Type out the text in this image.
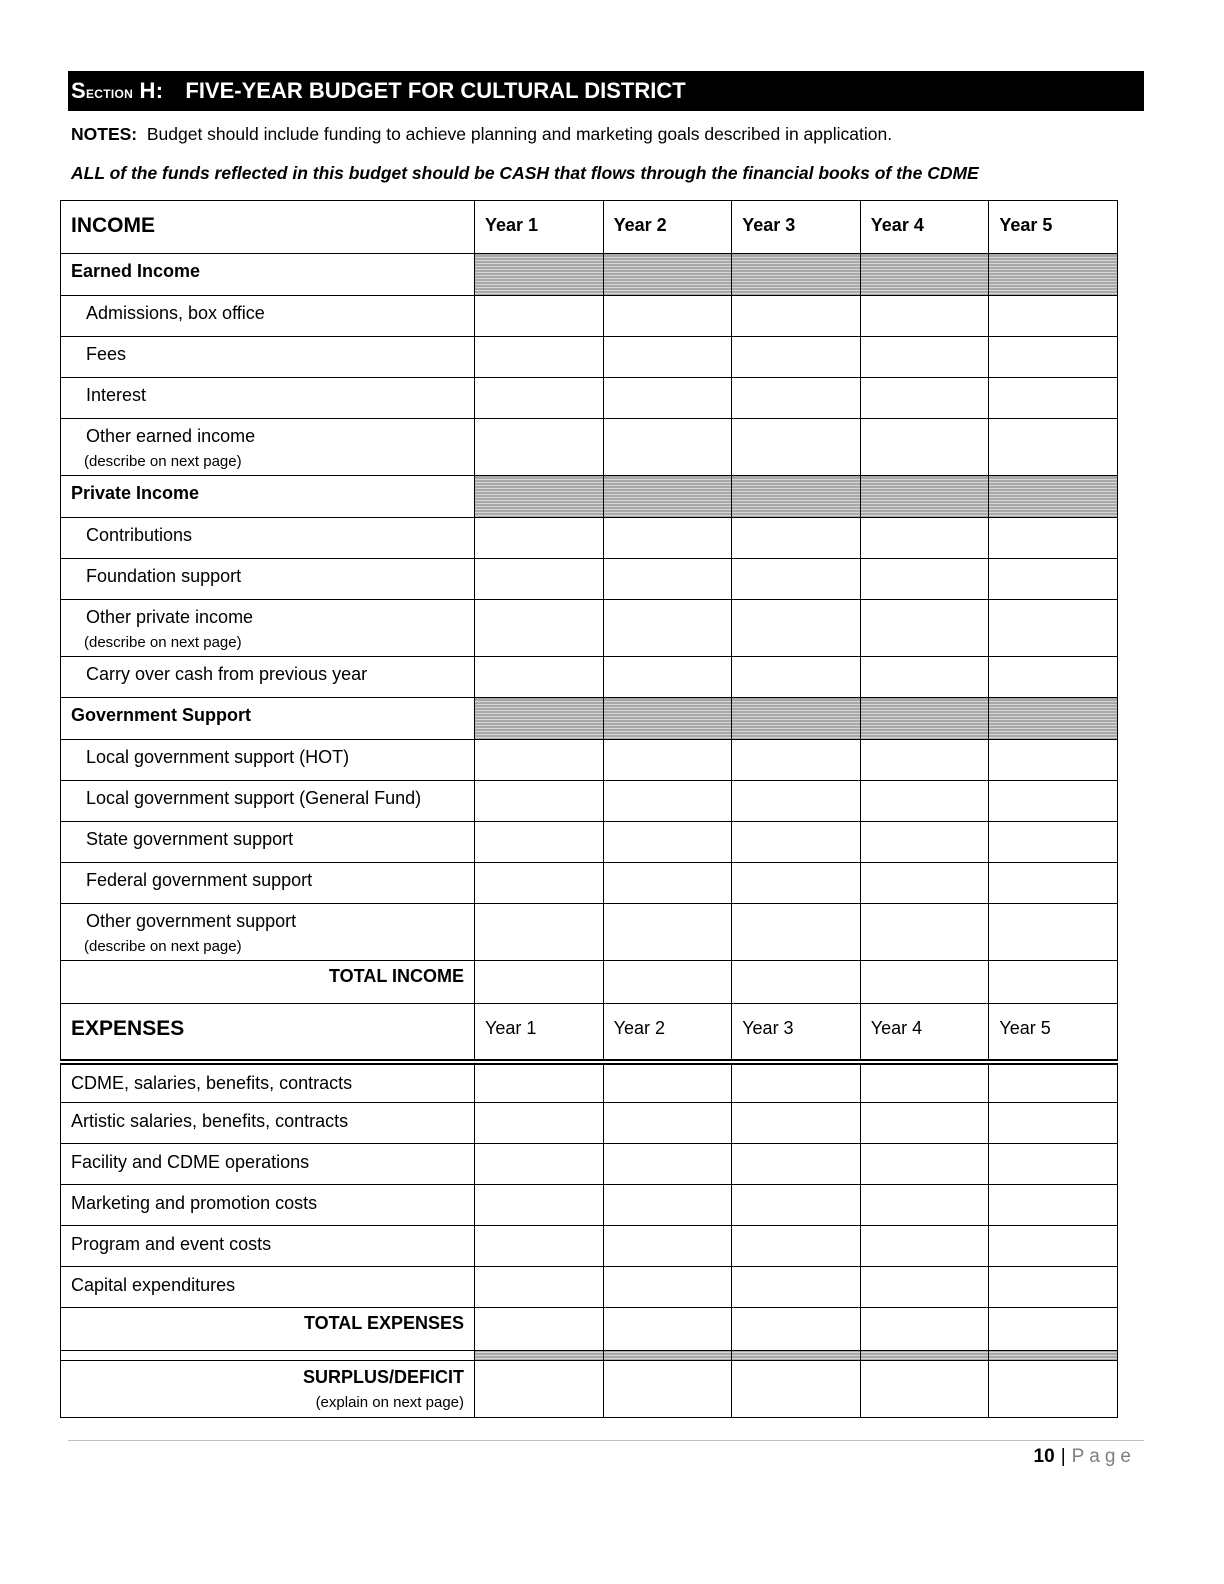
Section H: FIVE-YEAR BUDGET FOR CULTURAL DISTRICT
NOTES: Budget should include funding to achieve planning and marketing goals described in application.
ALL of the funds reflected in this budget should be CASH that flows through the financial books of the CDME
INCOME	Year 1	Year 2	Year 3	Year 4	Year 5
Earned Income					
Admissions, box office					
Fees					
Interest					
Other earned income
(describe on next page)					

Private Income					
Contributions					
Foundation support					
Other private income
(describe on next page)					

Carry over cash from previous year					
Government Support					
Local government support (HOT)					
Local government support (General Fund)					
State government support					
Federal government support					
Other government support
(describe on next page)					

TOTAL INCOME					
EXPENSES	Year 1	Year 2	Year 3	Year 4	Year 5
CDME, salaries, benefits, contracts					
Artistic salaries, benefits, contracts					
Facility and CDME operations					
Marketing and promotion costs					
Program and event costs					
Capital expenditures					
TOTAL EXPENSES					

SURPLUS/DEFICIT
(explain on next page)					

10 | Page
